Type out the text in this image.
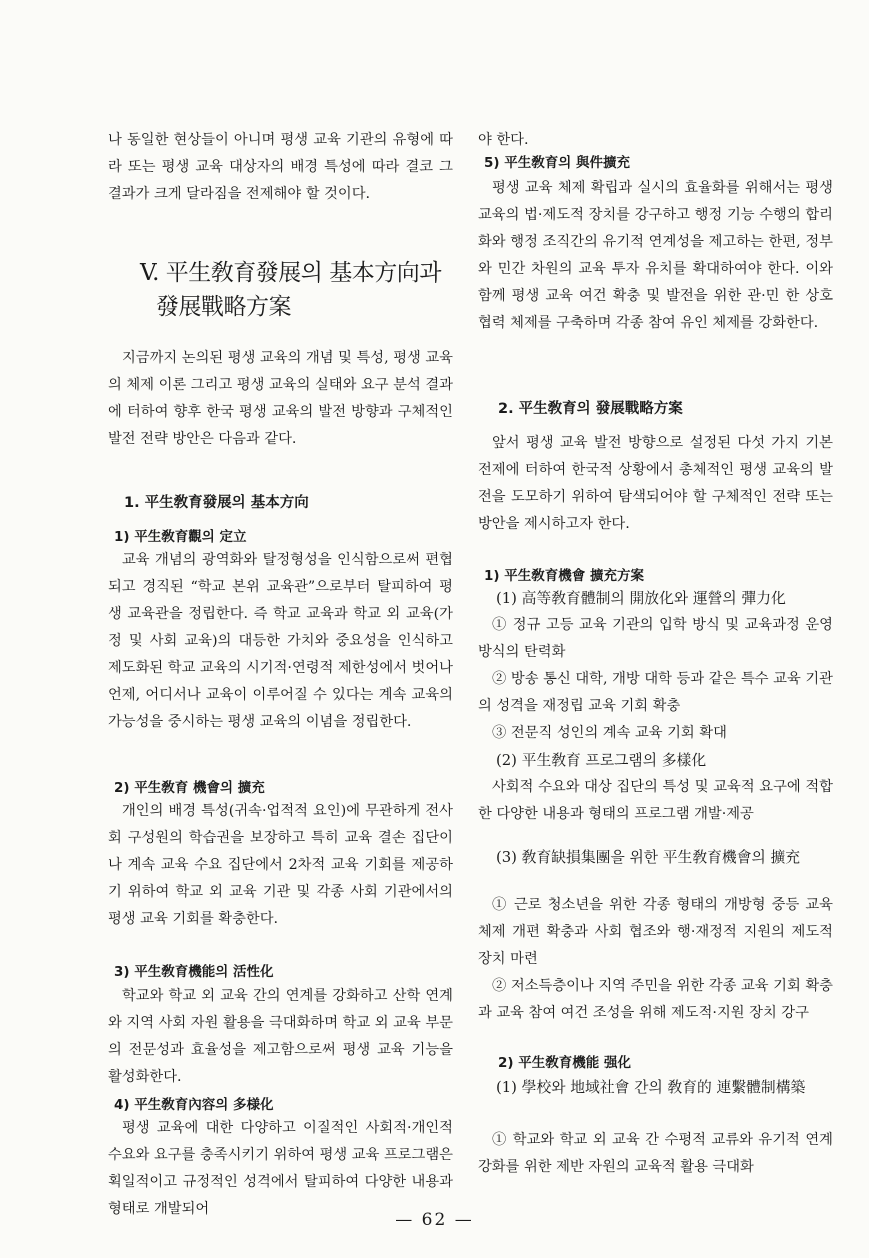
나 동일한 현상들이 아니며 평생 교육 기관의 유형에 따라 또는 평생 교육 대상자의 배경 특성에 따라 결코 그 결과가 크게 달라짐을 전제해야 할 것이다.

V. 平生敎育發展의 基本方向과
發展戰略方案

지금까지 논의된 평생 교육의 개념 및 특성, 평생 교육의 체제 이론 그리고 평생 교육의 실태와 요구 분석 결과에 터하여 향후 한국 평생 교육의 발전 방향과 구체적인 발전 전략 방안은 다음과 같다.

1. 平生敎育發展의 基本方向
1) 平生敎育觀의 定立

교육 개념의 광역화와 탈정형성을 인식함으로써 편협되고 경직된 “학교 본위 교육관”으로부터 탈피하여 평생 교육관을 정립한다. 즉 학교 교육과 학교 외 교육(가정 및 사회 교육)의 대등한 가치와 중요성을 인식하고 제도화된 학교 교육의 시기적·연령적 제한성에서 벗어나 언제, 어디서나 교육이 이루어질 수 있다는 계속 교육의 가능성을 중시하는 평생 교육의 이념을 정립한다.

2) 平生敎育 機會의 擴充

개인의 배경 특성(귀속·업적적 요인)에 무관하게 전사회 구성원의 학습권을 보장하고 특히 교육 결손 집단이나 계속 교육 수요 집단에서 2차적 교육 기회를 제공하기 위하여 학교 외 교육 기관 및 각종 사회 기관에서의 평생 교육 기회를 확충한다.

3) 平生敎育機能의 活性化

학교와 학교 외 교육 간의 연계를 강화하고 산학 연계와 지역 사회 자원 활용을 극대화하며 학교 외 교육 부문의 전문성과 효율성을 제고함으로써 평생 교육 기능을 활성화한다.

4) 平生敎育內容의 多様化

평생 교육에 대한 다양하고 이질적인 사회적·개인적 수요와 요구를 충족시키기 위하여 평생 교육 프로그램은 획일적이고 규정적인 성격에서 탈피하여 다양한 내용과 형태로 개발되어

야 한다.

5) 平生敎育의 與件擴充

평생 교육 체제 확립과 실시의 효율화를 위해서는 평생 교육의 법·제도적 장치를 강구하고 행정 기능 수행의 합리화와 행정 조직간의 유기적 연계성을 제고하는 한편, 정부와 민간 차원의 교육 투자 유치를 확대하여야 한다. 이와 함께 평생 교육 여건 확충 및 발전을 위한 관·민 한 상호 협력 체제를 구축하며 각종 참여 유인 체제를 강화한다.

2. 平生敎育의 發展戰略方案

앞서 평생 교육 발전 방향으로 설정된 다섯 가지 기본 전제에 터하여 한국적 상황에서 총체적인 평생 교육의 발전을 도모하기 위하여 탐색되어야 할 구체적인 전략 또는 방안을 제시하고자 한다.

1) 平生敎育機會 擴充方案
(1) 高等敎育體制의 開放化와 運營의 彈力化

① 정규 고등 교육 기관의 입학 방식 및 교육과정 운영 방식의 탄력화

② 방송 통신 대학, 개방 대학 등과 같은 특수 교육 기관의 성격을 재정립 교육 기회 확충

③ 전문직 성인의 계속 교육 기회 확대

(2) 平生敎育 프로그램의 多樣化

사회적 수요와 대상 집단의 특성 및 교육적 요구에 적합한 다양한 내용과 형태의 프로그램 개발·제공

(3) 敎育缺損集團을 위한 平生敎育機會의 擴充

① 근로 청소년을 위한 각종 형태의 개방형 중등 교육 체제 개편 확충과 사회 협조와 행·재정적 지원의 제도적 장치 마련

② 저소득층이나 지역 주민을 위한 각종 교육 기회 확충과 교육 참여 여건 조성을 위해 제도적·지원 장치 강구

2) 平生敎育機能 强化
(1) 學校와 地域社會 간의 敎育的 連繫體制構築

① 학교와 학교 외 교육 간 수평적 교류와 유기적 연계 강화를 위한 제반 자원의 교육적 활용 극대화

— 62 —
